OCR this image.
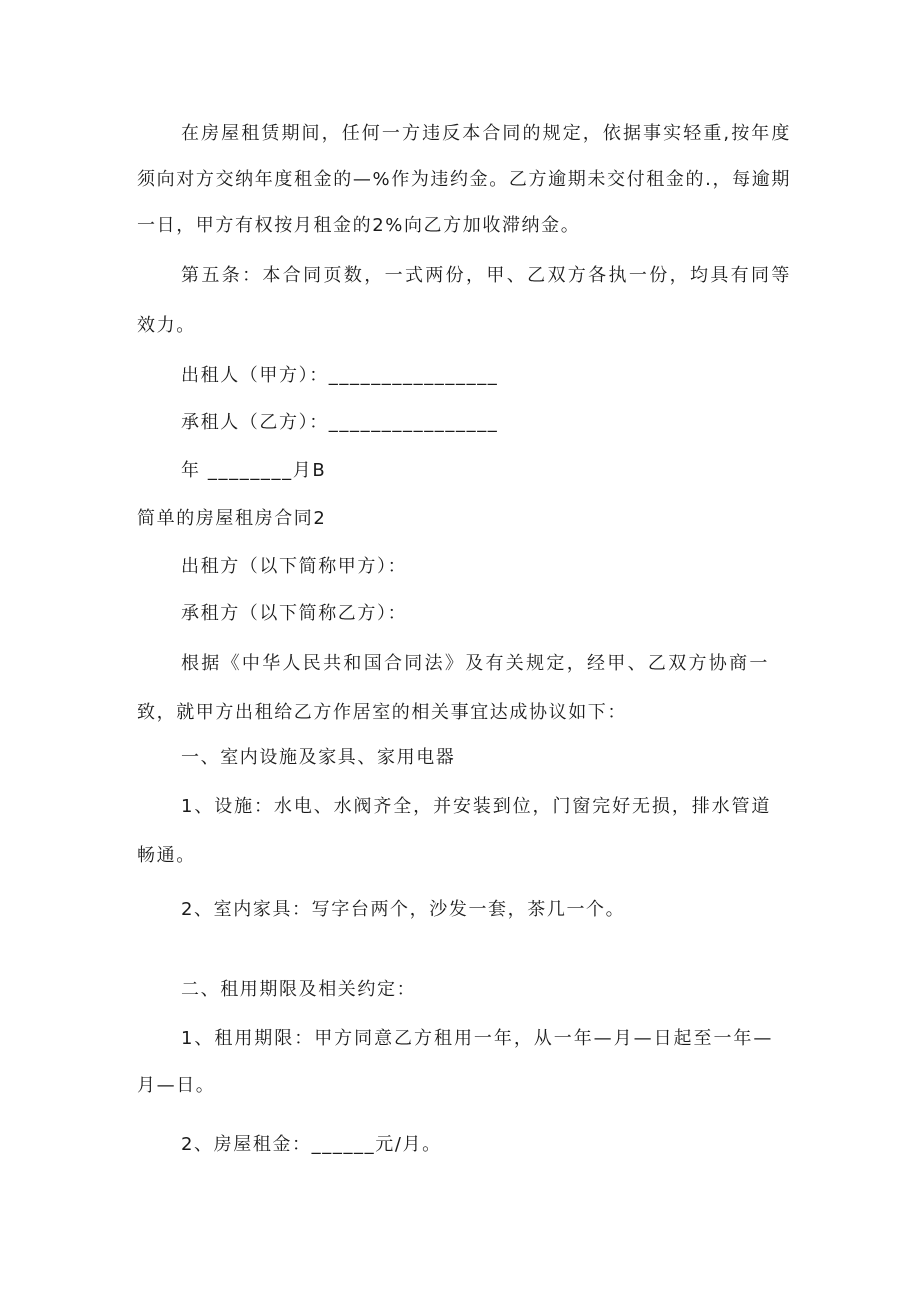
在房屋租赁期间，任何一方违反本合同的规定，依据事实轻重,按年度
须向对方交纳年度租金的—%作为违约金。乙方逾期未交付租金的.，每逾期
一日，甲方有权按月租金的2%向乙方加收滞纳金。
第五条：本合同页数，一式两份，甲、乙双方各执一份，均具有同等
效力。
出租人（甲方）：________________
承租人（乙方）：________________
年 ________月B
简单的房屋租房合同2
出租方（以下简称甲方）：
承租方（以下简称乙方）：
根据《中华人民共和国合同法》及有关规定，经甲、乙双方协商一
致，就甲方出租给乙方作居室的相关事宜达成协议如下：
一、室内设施及家具、家用电器
1、设施：水电、水阀齐全，并安装到位，门窗完好无损，排水管道
畅通。
2、室内家具：写字台两个，沙发一套，茶几一个。
二、租用期限及相关约定：
1、租用期限：甲方同意乙方租用一年，从一年—月—日起至一年—
月—日。
2、房屋租金：______元/月。
